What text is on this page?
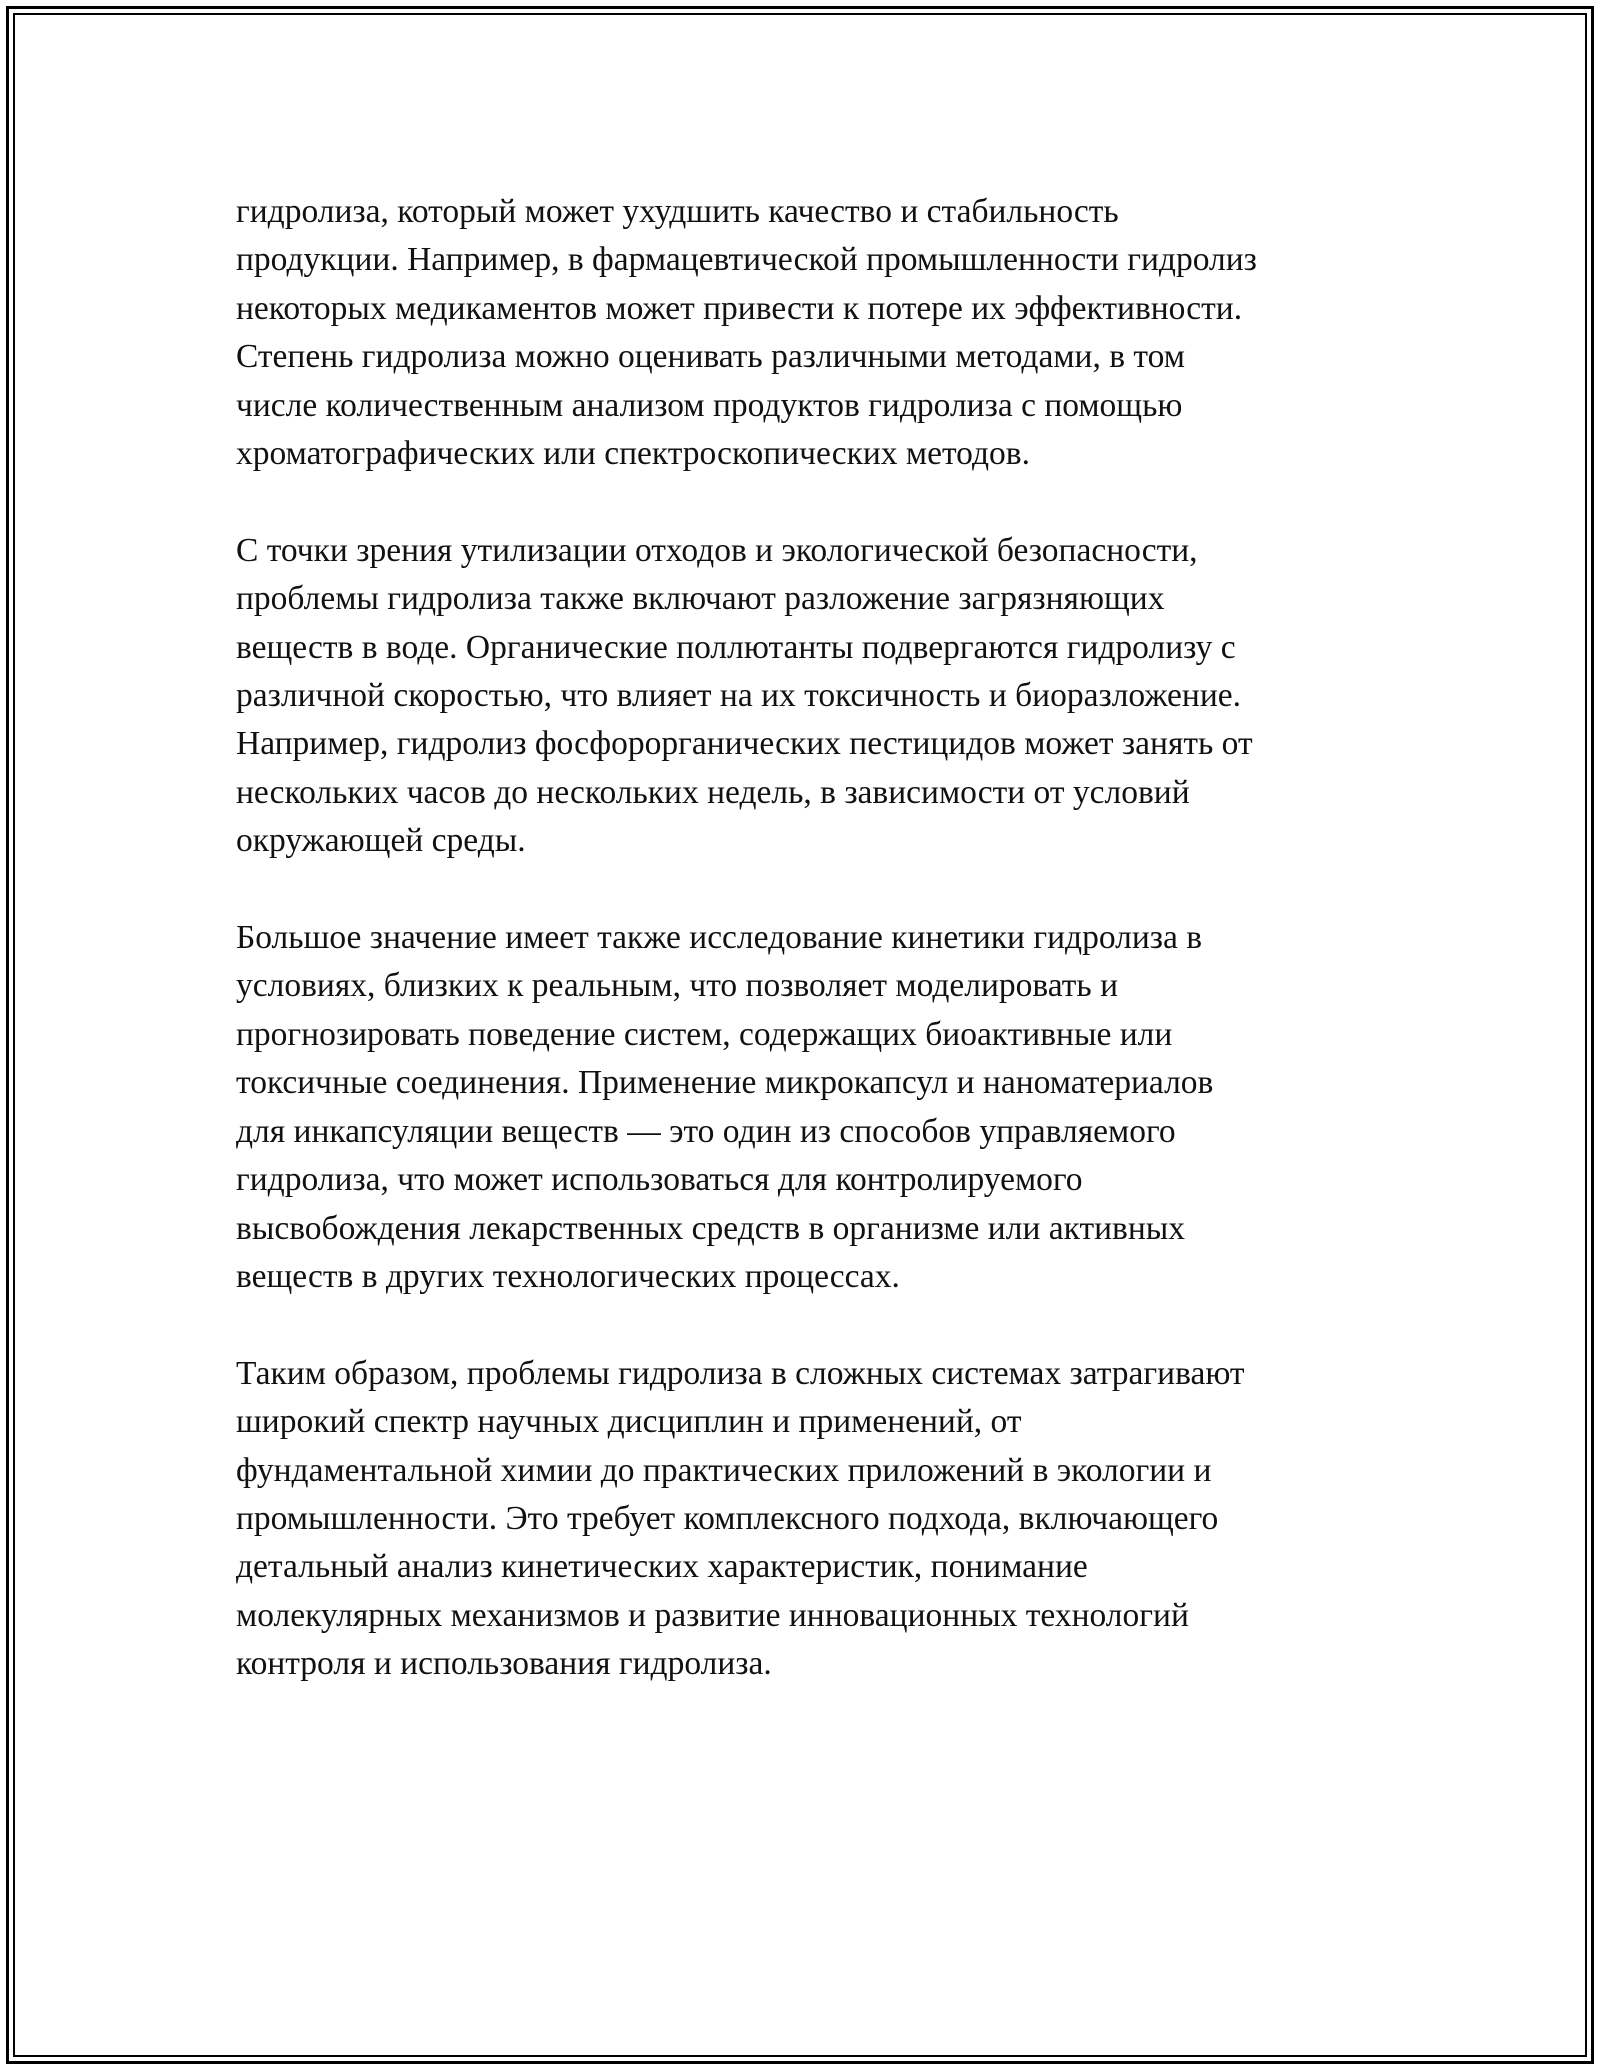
гидролиза, который может ухудшить качество и стабильность
продукции. Например, в фармацевтической промышленности гидролиз
некоторых медикаментов может привести к потере их эффективности.
Степень гидролиза можно оценивать различными методами, в том
числе количественным анализом продуктов гидролиза с помощью
хроматографических или спектроскопических методов.

С точки зрения утилизации отходов и экологической безопасности,
проблемы гидролиза также включают разложение загрязняющих
веществ в воде. Органические поллютанты подвергаются гидролизу с
различной скоростью, что влияет на их токсичность и биоразложение.
Например, гидролиз фосфорорганических пестицидов может занять от
нескольких часов до нескольких недель, в зависимости от условий
окружающей среды.

Большое значение имеет также исследование кинетики гидролиза в
условиях, близких к реальным, что позволяет моделировать и
прогнозировать поведение систем, содержащих биоактивные или
токсичные соединения. Применение микрокапсул и наноматериалов
для инкапсуляции веществ — это один из способов управляемого
гидролиза, что может использоваться для контролируемого
высвобождения лекарственных средств в организме или активных
веществ в других технологических процессах.

Таким образом, проблемы гидролиза в сложных системах затрагивают
широкий спектр научных дисциплин и применений, от
фундаментальной химии до практических приложений в экологии и
промышленности. Это требует комплексного подхода, включающего
детальный анализ кинетических характеристик, понимание
молекулярных механизмов и развитие инновационных технологий
контроля и использования гидролиза.
